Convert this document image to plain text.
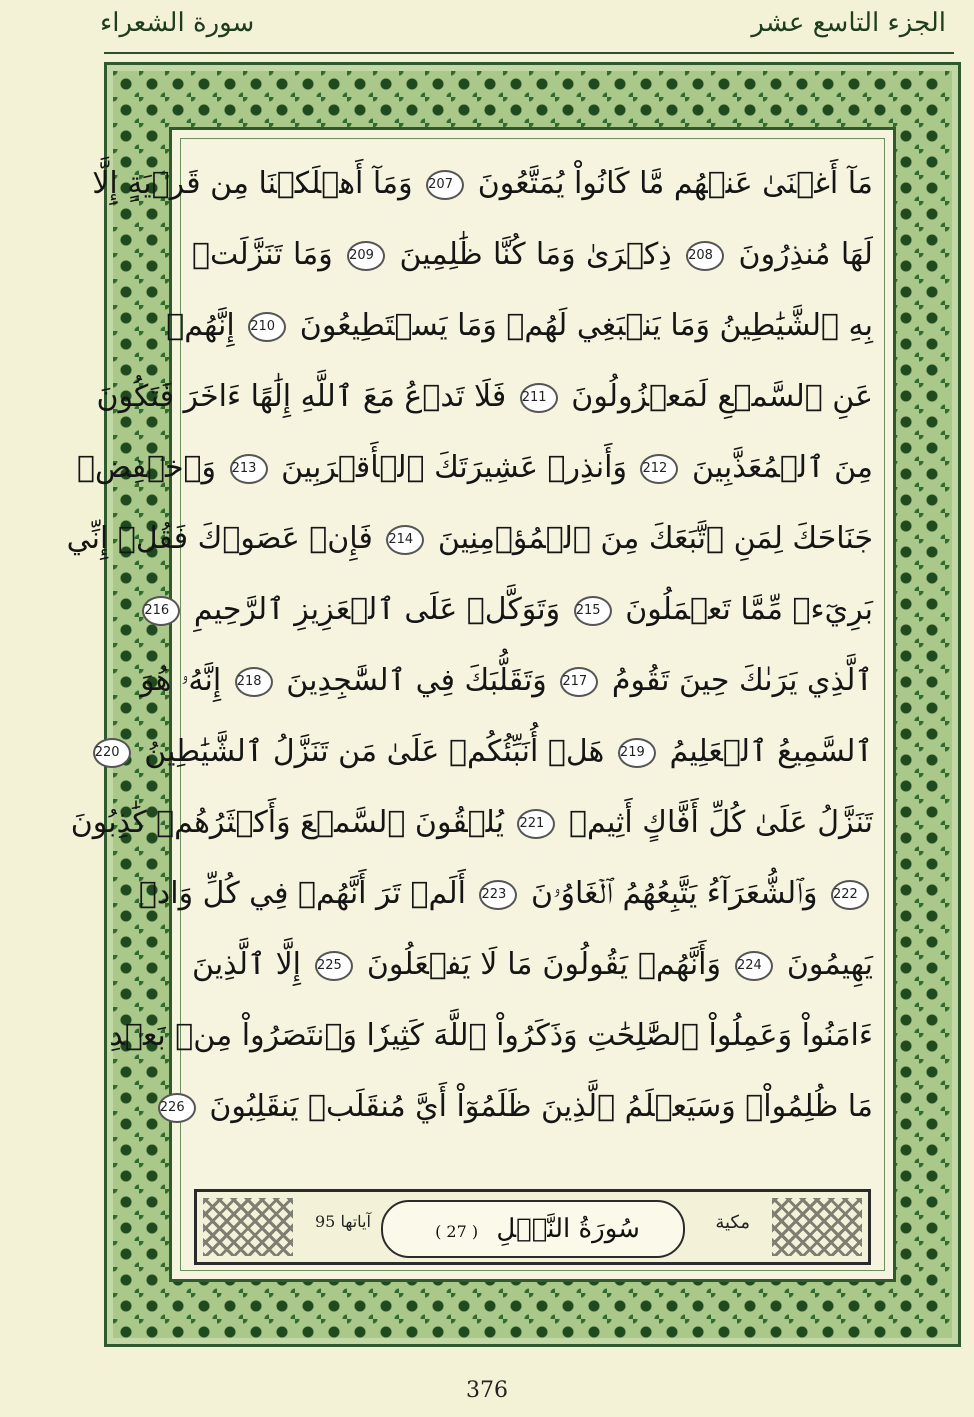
الجزء التاسع عشر
سورة الشعراء
مَآ أَغۡنَىٰ عَنۡهُم مَّا كَانُواْ يُمَتَّعُونَ 207 وَمَآ أَهۡلَكۡنَا مِن قَرۡيَةٍ إِلَّا
لَهَا مُنذِرُونَ 208 ذِكۡرَىٰ وَمَا كُنَّا ظَٰلِمِينَ 209 وَمَا تَنَزَّلَتۡ
بِهِ ٱلشَّيَٰطِينُ وَمَا يَنۢبَغِي لَهُمۡ وَمَا يَسۡتَطِيعُونَ 210 إِنَّهُمۡ
عَنِ ٱلسَّمۡعِ لَمَعۡزُولُونَ 211 فَلَا تَدۡعُ مَعَ ٱللَّهِ إِلَٰهًا ءَاخَرَ فَتَكُونَ
مِنَ ٱلۡمُعَذَّبِينَ 212 وَأَنذِرۡ عَشِيرَتَكَ ٱلۡأَقۡرَبِينَ 213 وَٱخۡفِضۡ
جَنَاحَكَ لِمَنِ ٱتَّبَعَكَ مِنَ ٱلۡمُؤۡمِنِينَ 214 فَإِنۡ عَصَوۡكَ فَقُلۡ إِنِّي
بَرِيٓءٞ مِّمَّا تَعۡمَلُونَ 215 وَتَوَكَّلۡ عَلَى ٱلۡعَزِيزِ ٱلرَّحِيمِ 216
ٱلَّذِي يَرَىٰكَ حِينَ تَقُومُ 217 وَتَقَلُّبَكَ فِي ٱلسَّٰجِدِينَ 218 إِنَّهُۥ هُوَ
ٱلسَّمِيعُ ٱلۡعَلِيمُ 219 هَلۡ أُنَبِّئُكُمۡ عَلَىٰ مَن تَنَزَّلُ ٱلشَّيَٰطِينُ 220
تَنَزَّلُ عَلَىٰ كُلِّ أَفَّاكٍ أَثِيمٖ 221 يُلۡقُونَ ٱلسَّمۡعَ وَأَكۡثَرُهُمۡ كَٰذِبُونَ
222 وَٱلشُّعَرَآءُ يَتَّبِعُهُمُ ٱلۡغَاوُۥنَ 223 أَلَمۡ تَرَ أَنَّهُمۡ فِي كُلِّ وَادٖ
يَهِيمُونَ 224 وَأَنَّهُمۡ يَقُولُونَ مَا لَا يَفۡعَلُونَ 225 إِلَّا ٱلَّذِينَ
ءَامَنُواْ وَعَمِلُواْ ٱلصَّٰلِحَٰتِ وَذَكَرُواْ ٱللَّهَ كَثِيرٗا وَٱنتَصَرُواْ مِنۢ بَعۡدِ
مَا ظُلِمُواْۗ وَسَيَعۡلَمُ ٱلَّذِينَ ظَلَمُوٓاْ أَيَّ مُنقَلَبٖ يَنقَلِبُونَ 226
مكية
سُورَةُ النَّمۡلِ ( 27 )
آياتها 95
376
